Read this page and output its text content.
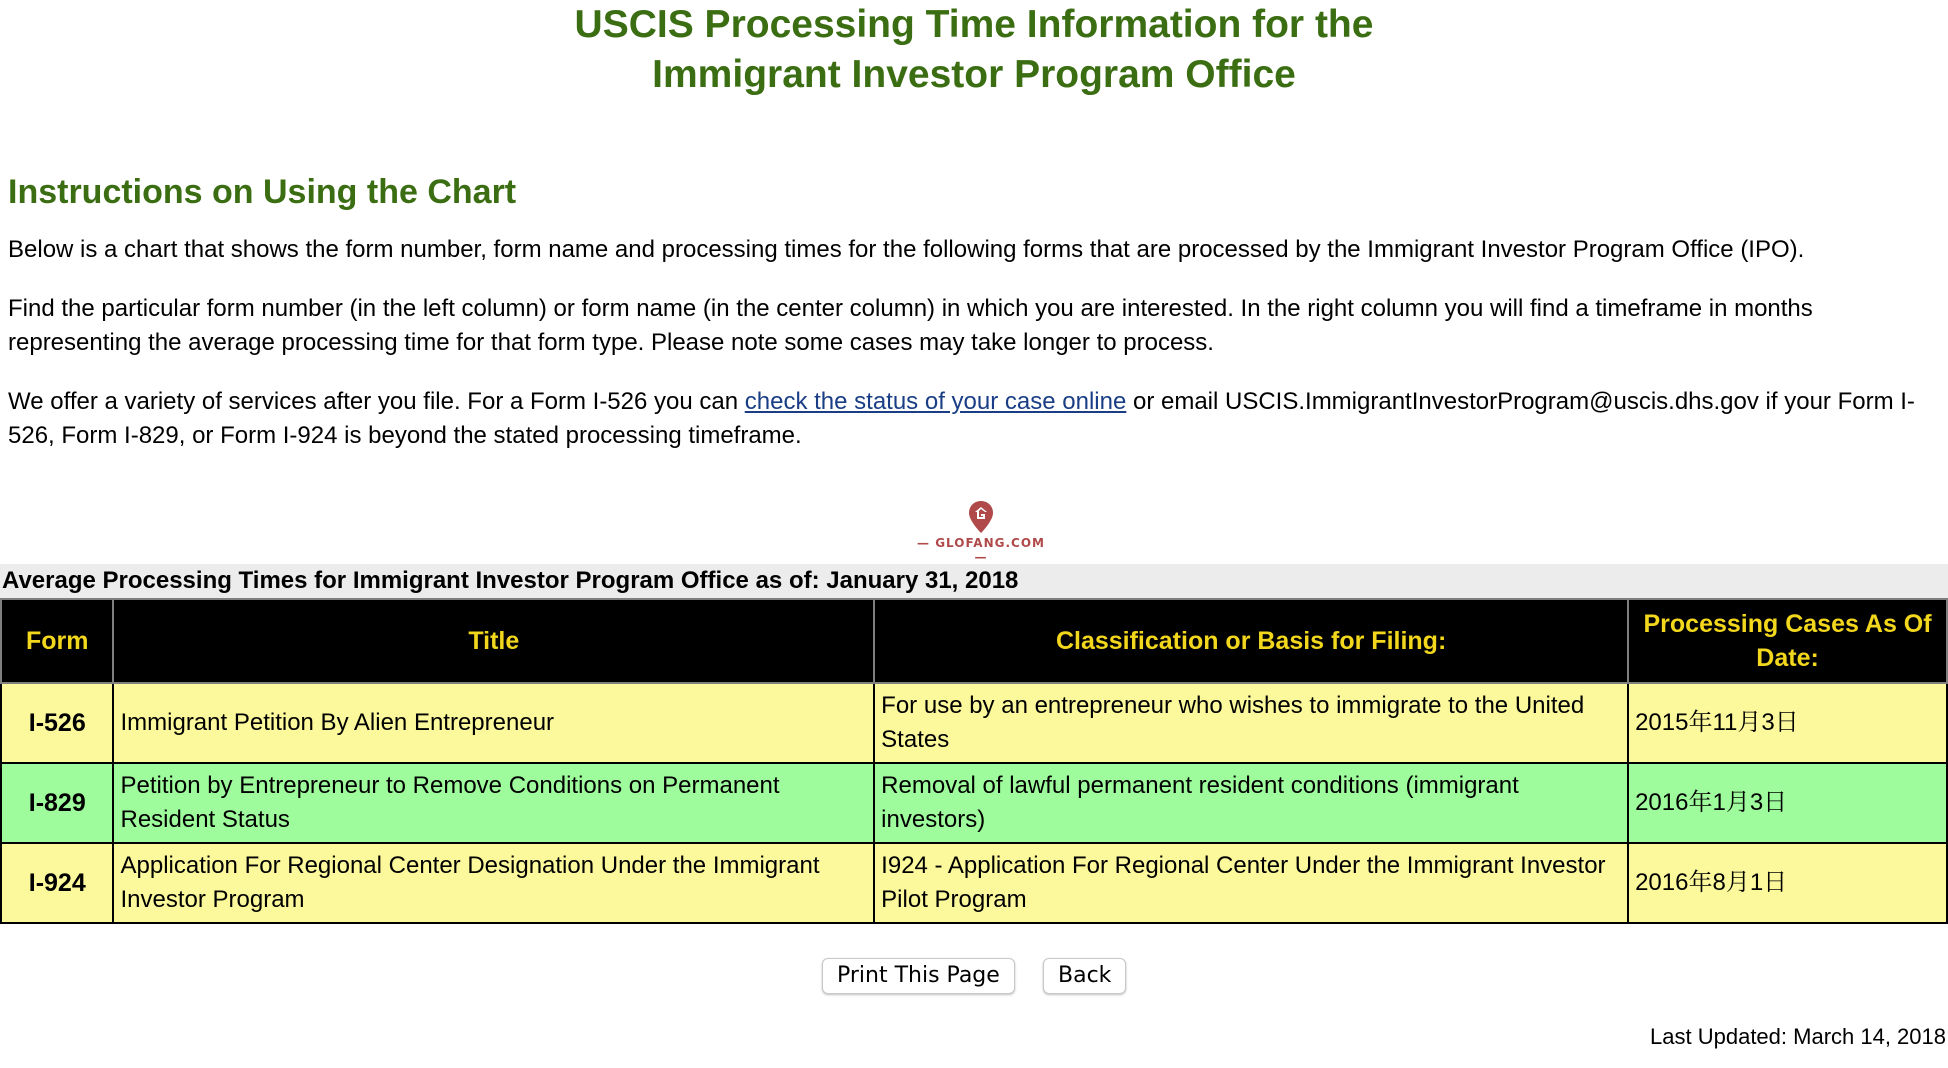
USCIS Processing Time Information for the
Immigrant Investor Program Office
Instructions on Using the Chart

Below is a chart that shows the form number, form name and processing times for the following forms that are processed by the Immigrant Investor Program Office (IPO).

Find the particular form number (in the left column) or form name (in the center column) in which you are interested. In the right column you will find a timeframe in months representing the average processing time for that form type. Please note some cases may take longer to process.

We offer a variety of services after you file. For a Form I-526 you can check the status of your case online or email USCIS.ImmigrantInvestorProgram@uscis.dhs.gov if your Form I-526, Form I-829, or Form I-924 is beyond the stated processing timeframe.

— GLOFANG.COM —
Average Processing Times for Immigrant Investor Program Office as of: January 31, 2018
Form	Title	Classification or Basis for Filing:	Processing Cases As Of Date:
I-526	Immigrant Petition By Alien Entrepreneur	For use by an entrepreneur who wishes to immigrate to the United States	2015年11月3日
I-829	Petition by Entrepreneur to Remove Conditions on Permanent Resident Status	Removal of lawful permanent resident conditions (immigrant investors)	2016年1月3日
I-924	Application For Regional Center Designation Under the Immigrant Investor Program	I924 - Application For Regional Center Under the Immigrant Investor Pilot Program	2016年8月1日
Print This Page	Back

Last Updated: March 14, 2018
